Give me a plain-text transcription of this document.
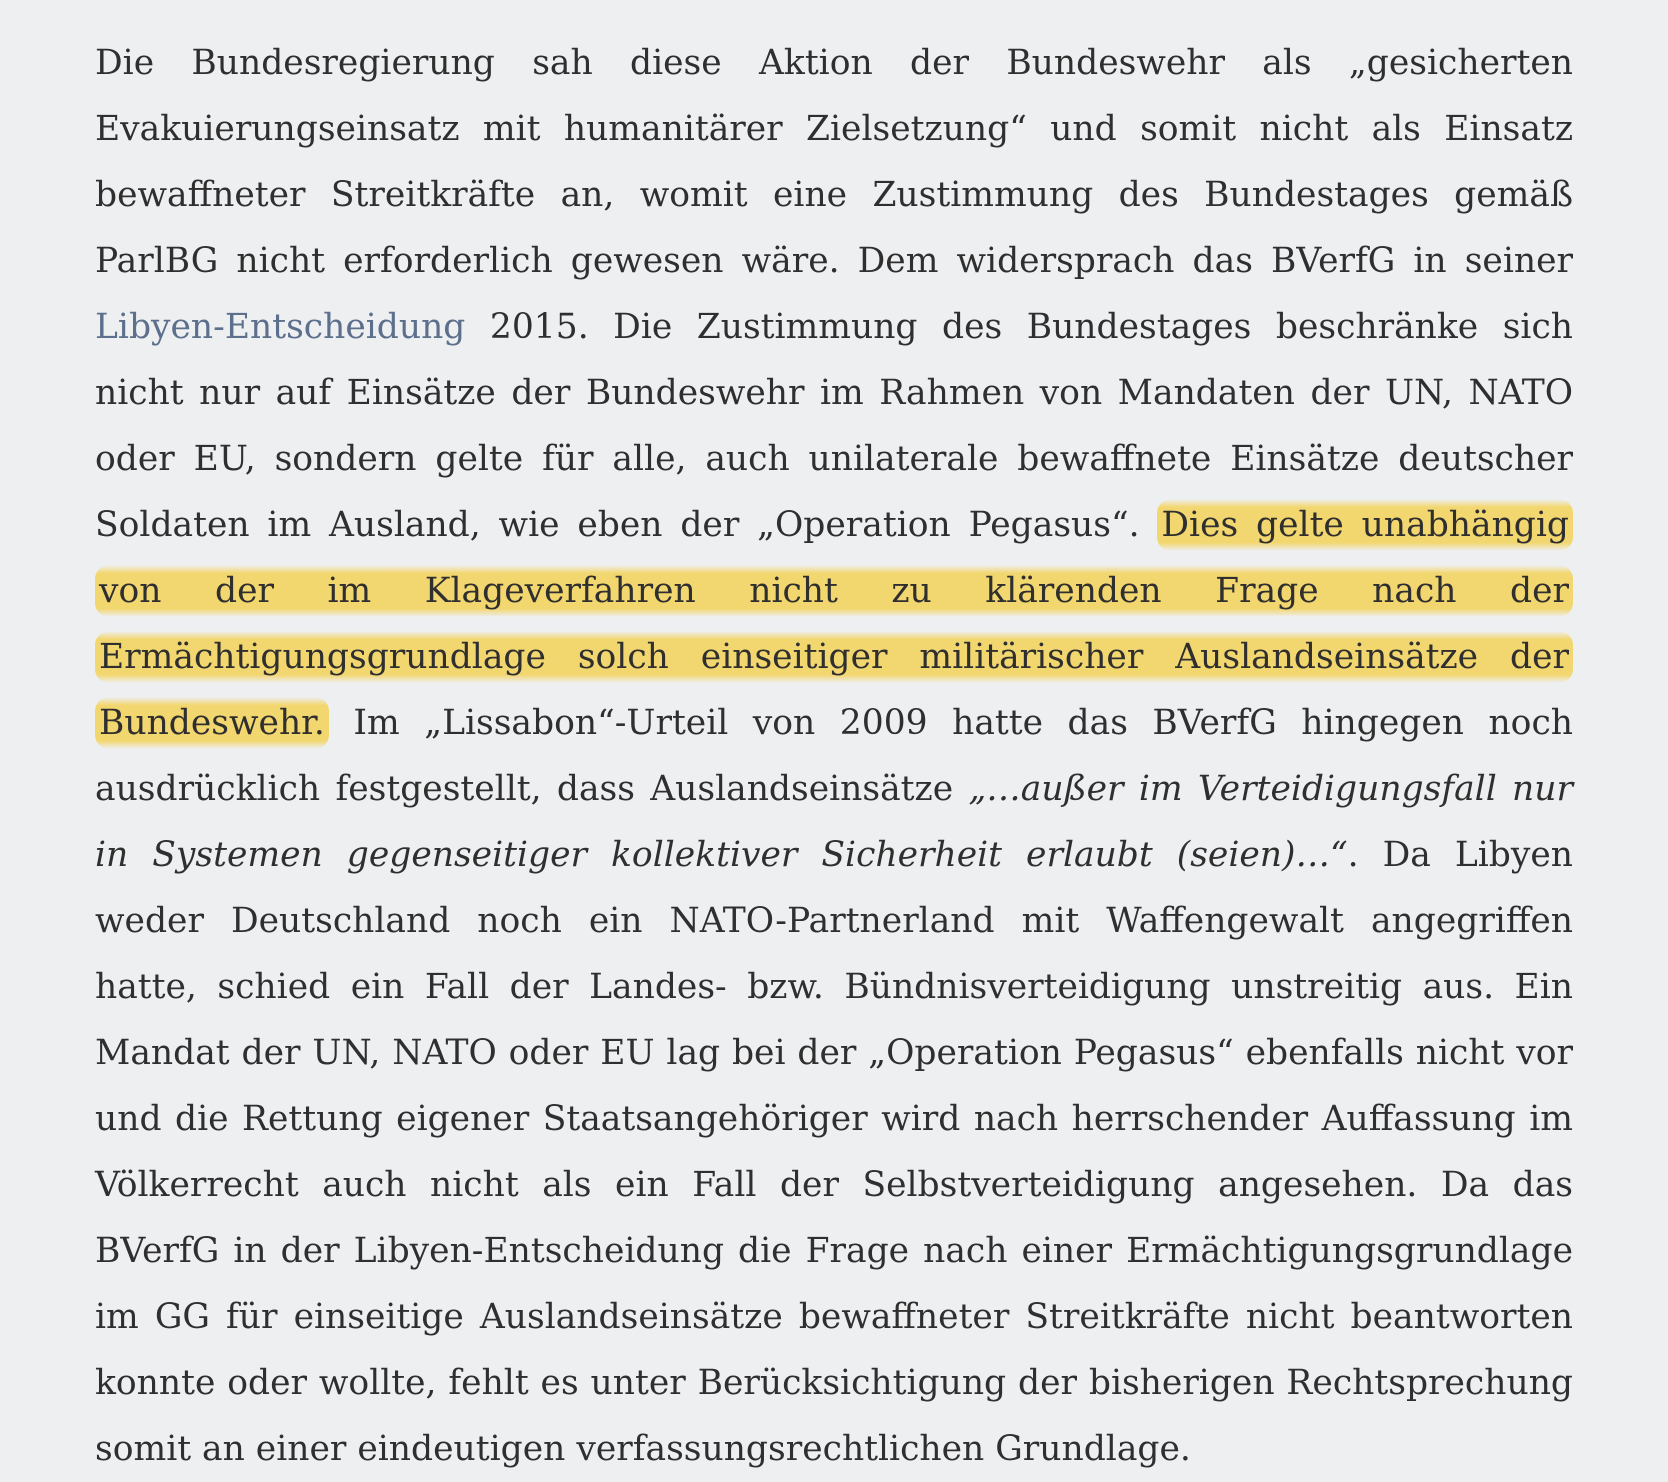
Die Bundesregierung sah diese Aktion der Bundeswehr als „gesicherten Evakuierungseinsatz mit humanitärer Zielsetzung“ und somit nicht als Einsatz bewaffneter Streitkräfte an, womit eine Zustimmung des Bundestages gemäß ParlBG nicht erforderlich gewesen wäre. Dem widersprach das BVerfG in seiner Libyen-Entscheidung 2015. Die Zustimmung des Bundestages beschränke sich nicht nur auf Einsätze der Bundeswehr im Rahmen von Mandaten der UN, NATO oder EU, sondern gelte für alle, auch unilaterale bewaffnete Einsätze deutscher Soldaten im Ausland, wie eben der „Operation Pegasus“. Dies gelte unabhängig von der im Klageverfahren nicht zu klärenden Frage nach der Ermächtigungsgrundlage solch einseitiger militärischer Auslandseinsätze der Bundeswehr. Im „Lissabon“-Urteil von 2009 hatte das BVerfG hingegen noch ausdrücklich festgestellt, dass Auslandseinsätze „…außer im Verteidigungsfall nur in Systemen gegenseitiger kollektiver Sicherheit erlaubt (seien)…“. Da Libyen weder Deutschland noch ein NATO-Partnerland mit Waffengewalt angegriffen hatte, schied ein Fall der Landes- bzw. Bündnisverteidigung unstreitig aus. Ein Mandat der UN, NATO oder EU lag bei der „Operation Pegasus“ ebenfalls nicht vor und die Rettung eigener Staatsangehöriger wird nach herrschender Auffassung im Völkerrecht auch nicht als ein Fall der Selbstverteidigung angesehen. Da das BVerfG in der Libyen-Entscheidung die Frage nach einer Ermächtigungsgrundlage im GG für einseitige Auslandseinsätze bewaffneter Streitkräfte nicht beantworten konnte oder wollte, fehlt es unter Berücksichtigung der bisherigen Rechtsprechung somit an einer eindeutigen verfassungsrechtlichen Grundlage.
